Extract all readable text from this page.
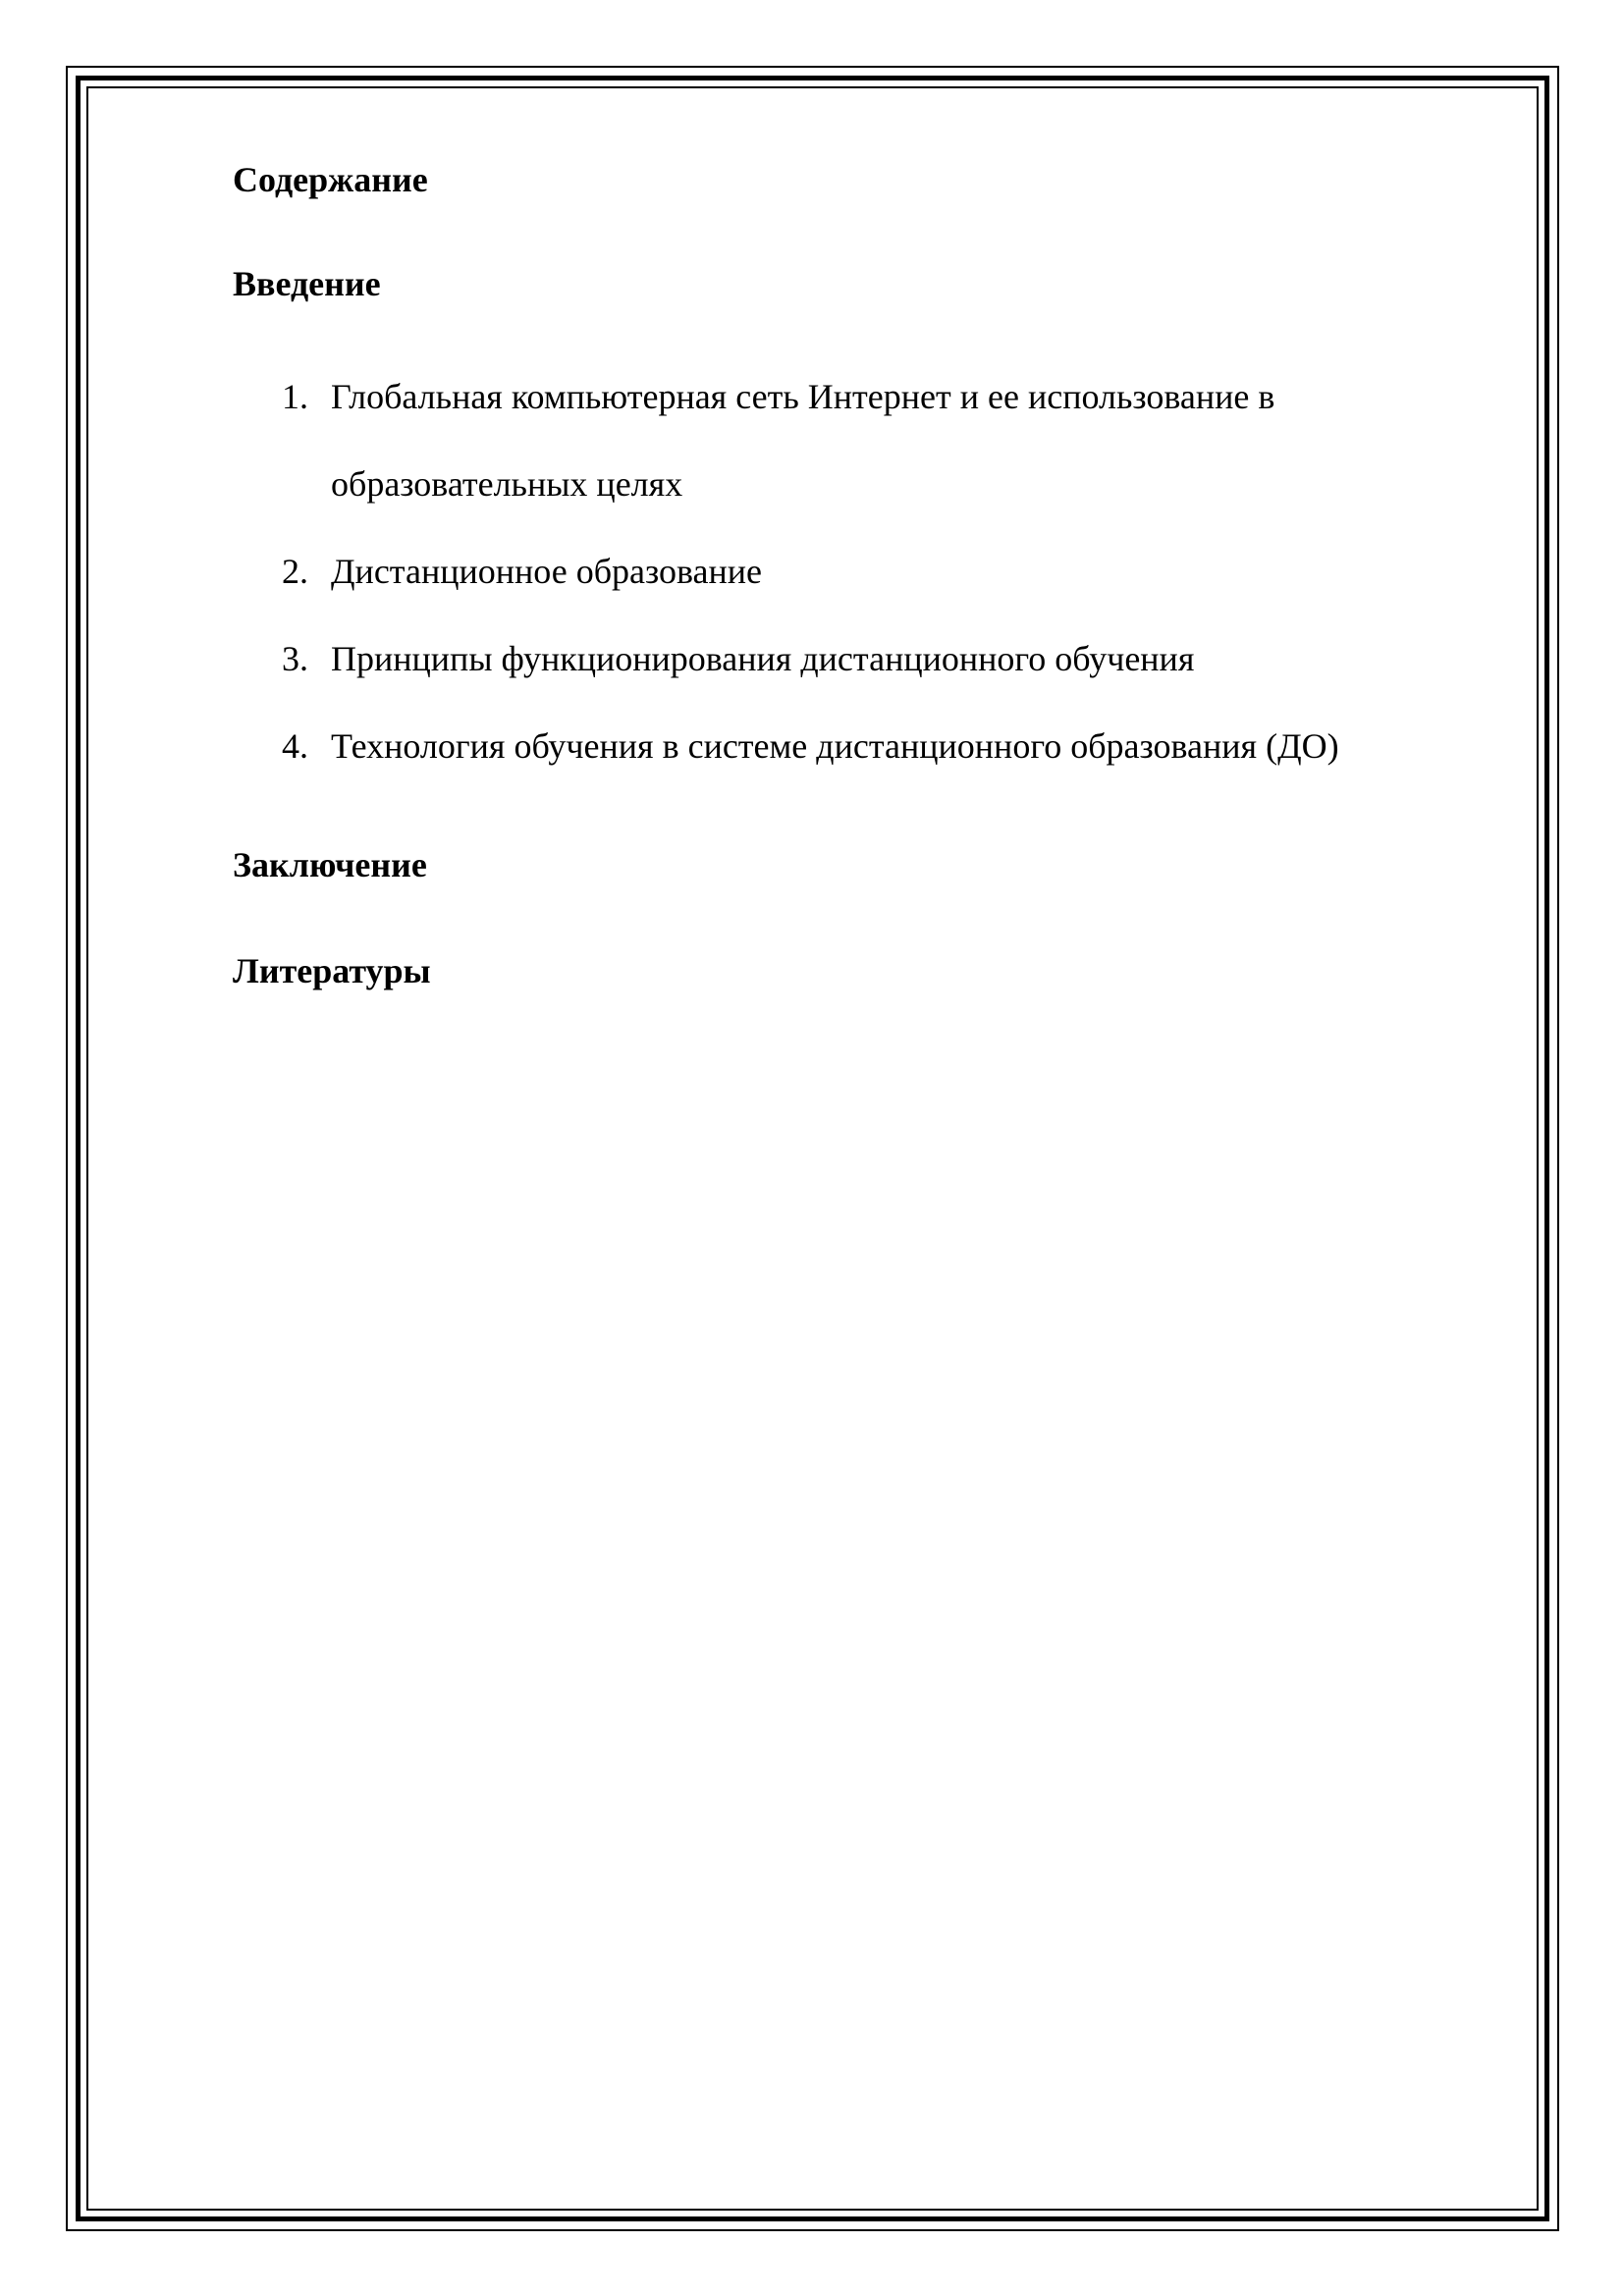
Содержание
Введение
1. Глобальная компьютерная сеть Интернет и ее использование в
образовательных целях
2. Дистанционное образование
3. Принципы функционирования дистанционного обучения
4. Технология обучения в системе дистанционного образования (ДО)
Заключение
Литературы
